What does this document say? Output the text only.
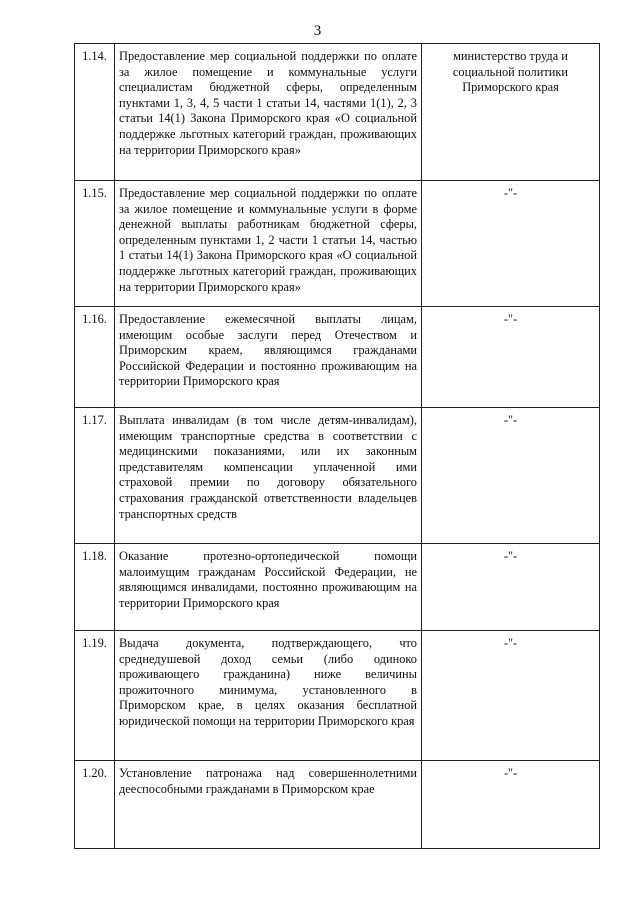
3
1.14.	Предоставление мер социальной поддержки по оплате за жилое помещение и коммунальные услуги специалистам бюджетной сферы, определенным пунктами 1, 3, 4, 5 части 1 статьи 14, частями 1(1), 2, 3 статьи 14(1) Закона Приморского края «О социальной поддержке льготных категорий граждан, проживающих на территории Приморского края»	министерство труда и социальной политики Приморского края
1.15.	Предоставление мер социальной поддержки по оплате за жилое помещение и коммунальные услуги в форме денежной выплаты работникам бюджетной сферы, определенным пунктами 1, 2 части 1 статьи 14, частью 1 статьи 14(1) Закона Приморского края «О социальной поддержке льготных категорий граждан, проживающих на территории Приморского края»	-"-
1.16.	Предоставление ежемесячной выплаты лицам, имеющим особые заслуги перед Отечеством и Приморским краем, являющимся гражданами Российской Федерации и постоянно проживающим на территории Приморского края	-"-
1.17.	Выплата инвалидам (в том числе детям-инвалидам), имеющим транспортные средства в соответствии с медицинскими показаниями, или их законным представителям компенсации уплаченной ими страховой премии по договору обязательного страхования гражданской ответственности владельцев транспортных средств	-"-
1.18.	Оказание протезно-ортопедической помощи малоимущим гражданам Российской Федерации, не являющимся инвалидами, постоянно проживающим на территории Приморского края	-"-
1.19.	Выдача документа, подтверждающего, что среднедушевой доход семьи (либо одиноко проживающего гражданина) ниже величины прожиточного минимума, установленного в Приморском крае, в целях оказания бесплатной юридической помощи на территории Приморского края	-"-
1.20.	Установление патронажа над совершеннолетними дееспособными гражданами в Приморском крае	-"-
